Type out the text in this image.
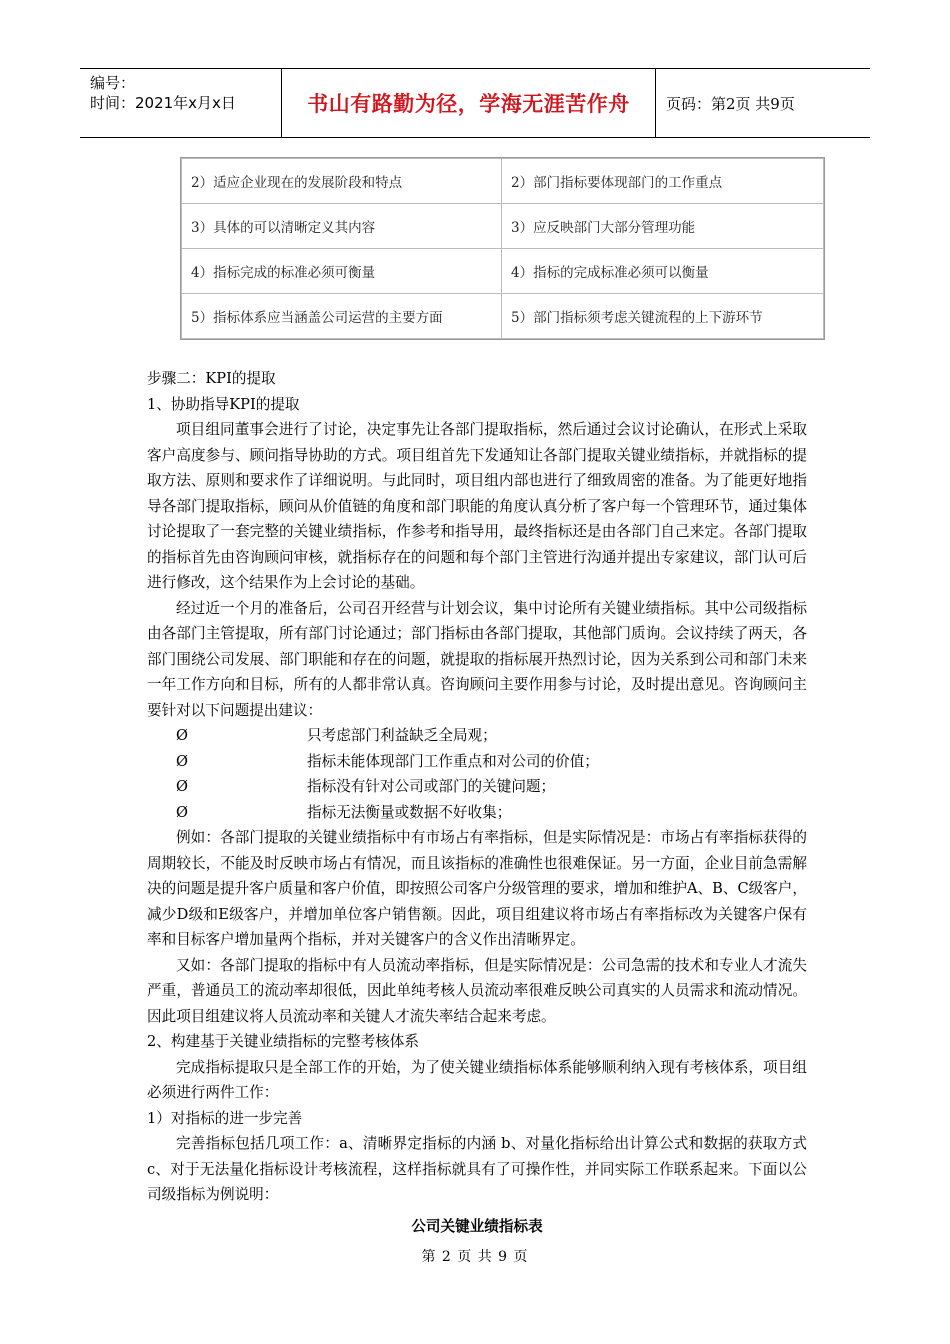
编号：
时间：2021年x月x日	书山有路勤为径，学海无涯苦作舟	页码：第2页 共9页
2）适应企业现在的发展阶段和特点	2）部门指标要体现部门的工作重点
3）具体的可以清晰定义其内容	3）应反映部门大部分管理功能
4）指标完成的标准必须可衡量	4）指标的完成标准必须可以衡量
5）指标体系应当涵盖公司运营的主要方面	5）部门指标须考虑关键流程的上下游环节

步骤二：KPI的提取

1、协助指导KPI的提取

项目组同董事会进行了讨论，决定事先让各部门提取指标，然后通过会议讨论确认，在形式上采取客户高度参与、顾问指导协助的方式。项目组首先下发通知让各部门提取关键业绩指标，并就指标的提取方法、原则和要求作了详细说明。与此同时，项目组内部也进行了细致周密的准备。为了能更好地指导各部门提取指标，顾问从价值链的角度和部门职能的角度认真分析了客户每一个管理环节，通过集体讨论提取了一套完整的关键业绩指标，作参考和指导用，最终指标还是由各部门自己来定。各部门提取的指标首先由咨询顾问审核，就指标存在的问题和每个部门主管进行沟通并提出专家建议，部门认可后进行修改，这个结果作为上会讨论的基础。

经过近一个月的准备后，公司召开经营与计划会议，集中讨论所有关键业绩指标。其中公司级指标由各部门主管提取，所有部门讨论通过；部门指标由各部门提取，其他部门质询。会议持续了两天，各部门围绕公司发展、部门职能和存在的问题，就提取的指标展开热烈讨论，因为关系到公司和部门未来一年工作方向和目标，所有的人都非常认真。咨询顾问主要作用参与讨论，及时提出意见。咨询顾问主要针对以下问题提出建议：

Ø	只考虑部门利益缺乏全局观；
Ø	指标未能体现部门工作重点和对公司的价值；
Ø	指标没有针对公司或部门的关键问题；
Ø	指标无法衡量或数据不好收集；

例如：各部门提取的关键业绩指标中有市场占有率指标，但是实际情况是：市场占有率指标获得的周期较长，不能及时反映市场占有情况，而且该指标的准确性也很难保证。另一方面，企业目前急需解决的问题是提升客户质量和客户价值，即按照公司客户分级管理的要求，增加和维护A、B、C级客户，减少D级和E级客户，并增加单位客户销售额。因此，项目组建议将市场占有率指标改为关键客户保有率和目标客户增加量两个指标，并对关键客户的含义作出清晰界定。

又如：各部门提取的指标中有人员流动率指标，但是实际情况是：公司急需的技术和专业人才流失严重，普通员工的流动率却很低，因此单纯考核人员流动率很难反映公司真实的人员需求和流动情况。因此项目组建议将人员流动率和关键人才流失率结合起来考虑。

2、构建基于关键业绩指标的完整考核体系

完成指标提取只是全部工作的开始，为了使关键业绩指标体系能够顺利纳入现有考核体系，项目组必须进行两件工作：

1）对指标的进一步完善

完善指标包括几项工作：a、清晰界定指标的内涵 b、对量化指标给出计算公式和数据的获取方式 c、对于无法量化指标设计考核流程，这样指标就具有了可操作性，并同实际工作联系起来。下面以公司级指标为例说明：

公司关键业绩指标表

第 2 页 共 9 页
